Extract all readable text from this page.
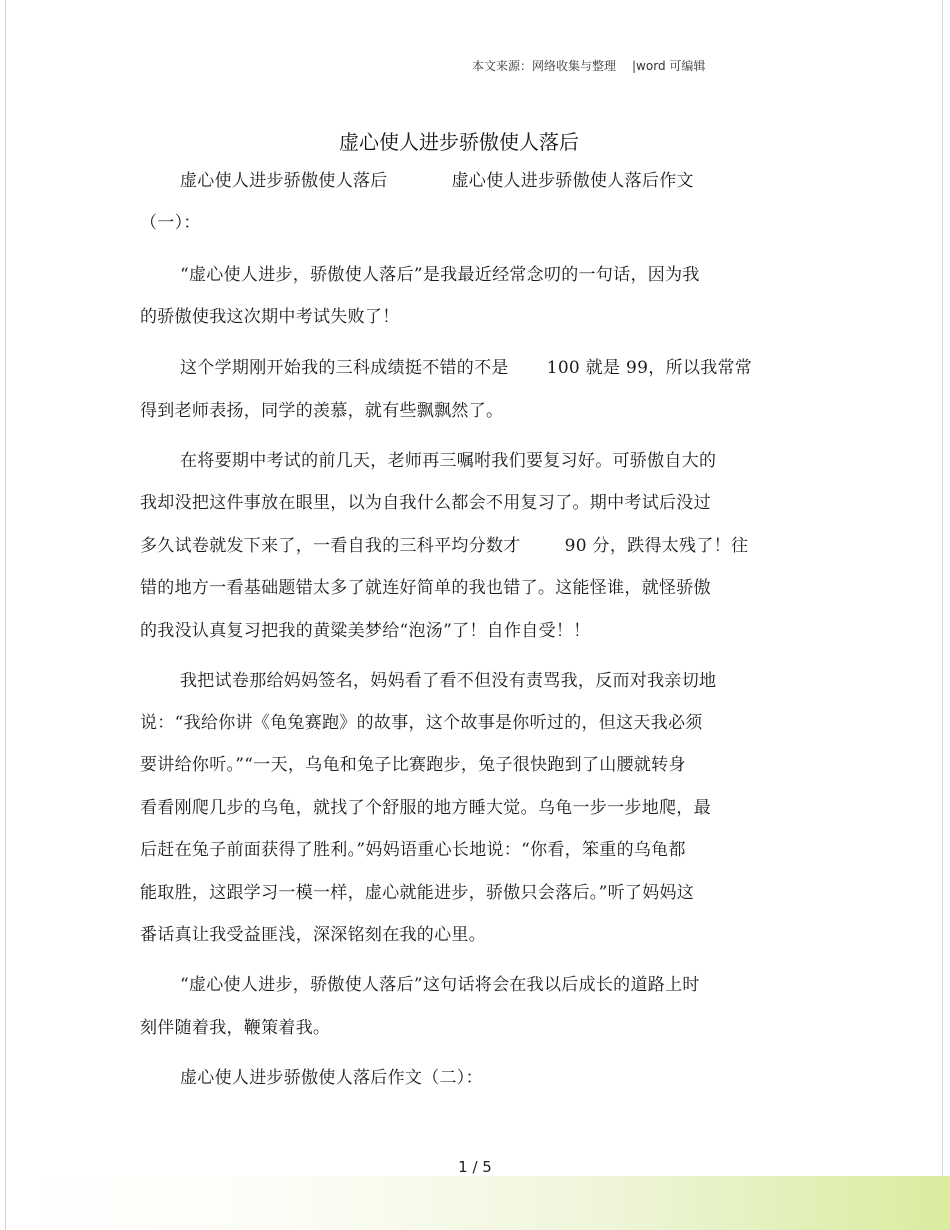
本文来源：网络收集与整理 |word 可编辑
虚心使人进步骄傲使人落后
虚心使人进步骄傲使人落后	虚心使人进步骄傲使人落后作文
（一）：
“虚心使人进步，骄傲使人落后”是我最近经常念叨的一句话，因为我
的骄傲使我这次期中考试失败了！
这个学期刚开始我的三科成绩挺不错的不是 100 就是 99，所以我常常
得到老师表扬，同学的羡慕，就有些飘飘然了。
在将要期中考试的前几天，老师再三嘱咐我们要复习好。可骄傲自大的
我却没把这件事放在眼里，以为自我什么都会不用复习了。期中考试后没过
多久试卷就发下来了，一看自我的三科平均分数才	90 分，跌得太残了！往
错的地方一看基础题错太多了就连好简单的我也错了。这能怪谁，就怪骄傲
的我没认真复习把我的黄粱美梦给“泡汤”了！自作自受！！
我把试卷那给妈妈签名，妈妈看了看不但没有责骂我，反而对我亲切地
说：“我给你讲《龟兔赛跑》的故事，这个故事是你听过的，但这天我必须
要讲给你听。”“一天，乌龟和兔子比赛跑步，兔子很快跑到了山腰就转身
看看刚爬几步的乌龟，就找了个舒服的地方睡大觉。乌龟一步一步地爬，最
后赶在兔子前面获得了胜利。”妈妈语重心长地说：“你看，笨重的乌龟都
能取胜，这跟学习一模一样，虚心就能进步，骄傲只会落后。”听了妈妈这
番话真让我受益匪浅，深深铭刻在我的心里。
“虚心使人进步，骄傲使人落后”这句话将会在我以后成长的道路上时
刻伴随着我，鞭策着我。
虚心使人进步骄傲使人落后作文（二）：
1 / 5
